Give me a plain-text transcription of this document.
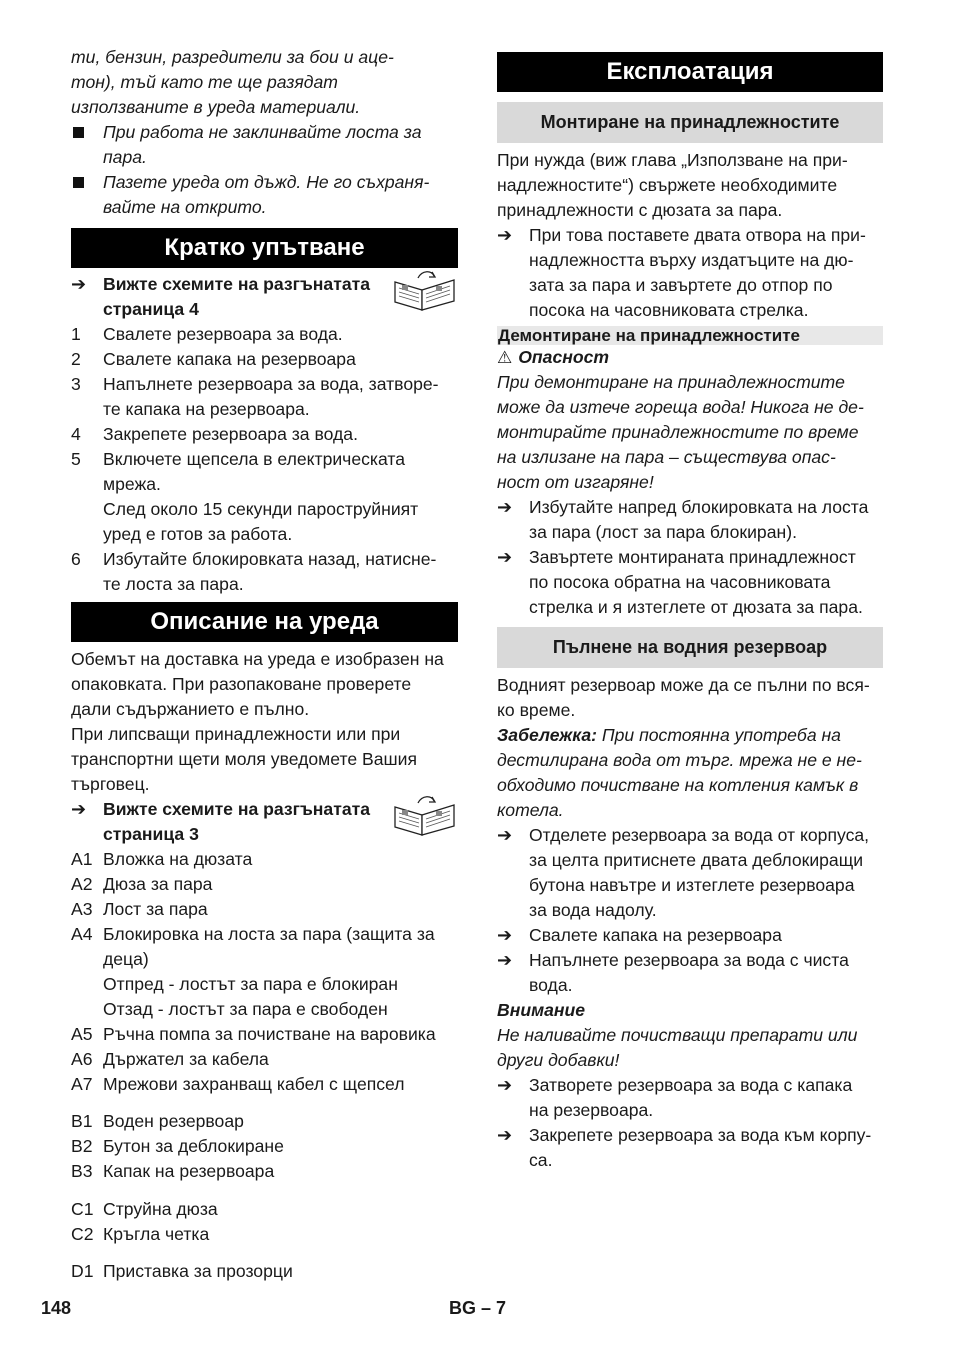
ти, бензин, разредители за бои и аце-
тон), тъй като те ще разядат
използваните в уреда материали.
При работа не заклинвайте лоста за
пара.
Пазете уреда от дъжд. Не го съхраня-
вайте на открито.
Кратко упътване
➔ Вижте схемите на разгънатата
страница 4
1	Свалете резервоара за вода.
2	Свалете капака на резервоара
3	Напълнете резервоара за вода, затворе-
те капака на резервоара.
4	Закрепете резервоара за вода.
5	Включете щепсела в електрическата
мрежа.
След около 15 секунди пароструйният
уред е готов за работа.
6	Избутайте блокировката назад, натисне-
те лоста за пара.
Описание на уреда
Обемът на доставка на уреда е изобразен на
опаковката. При разопаковане проверете
дали съдържанието е пълно.
При липсващи принадлежности или при
транспортни щети моля уведомете Вашия
търговец.
➔ Вижте схемите на разгънатата
страница 3
A1 Вложка на дюзата
A2 Дюза за пара
A3 Лост за пара
A4 Блокировка на лоста за пара (защита за
деца)
Отпред - лостът за пара е блокиран
Отзад - лостът за пара е свободен
A5 Ръчна помпа за почистване на варовика
A6 Държател за кабела
A7 Мрежови захранващ кабел с щепсел
B1 Воден резервоар
B2 Бутон за деблокиране
B3 Капак на резервоара
C1 Струйна дюза
C2 Кръгла четка
D1 Приставка за прозорци
Експлоатация
Монтиране на принадлежностите
При нужда (виж глава „Използване на при-
надлежностите“) свържете необходимите
принадлежности с дюзата за пара.
➔ При това поставете двата отвора на при-
надлежността върху издатъците на дю-
зата за пара и завъртете до отпор по
посока на часовниковата стрелка.
Демонтиране на принадлежностите
⚠ Опасност
При демонтиране на принадлежностите
може да изтече гореща вода! Никога не де-
монтирайте принадлежностите по време
на излизане на пара – съществува опас-
ност от изгаряне!
➔ Избутайте напред блокировката на лоста
за пара (лост за пара блокиран).
➔ Завъртете монтираната принадлежност
по посока обратна на часовниковата
стрелка и я изтеглете от дюзата за пара.
Пълнене на водния резервоар
Водният резервоар може да се пълни по вся-
ко време.
Забележка: При постоянна употреба на
дестилирана вода от търг. мрежа не е не-
обходимо почистване на котления камък в
котела.
➔ Отделете резервоара за вода от корпуса,
за целта притиснете двата деблокиращи
бутона навътре и изтеглете резервоара
за вода надолу.
➔ Свалете капака на резервоара
➔ Напълнете резервоара за вода с чиста
вода.
Внимание
Не наливайте почистващи препарати или
други добавки!
➔ Затворете резервоара за вода с капака
на резервоара.
➔ Закрепете резервоара за вода към корпу-
са.
148	BG – 7
